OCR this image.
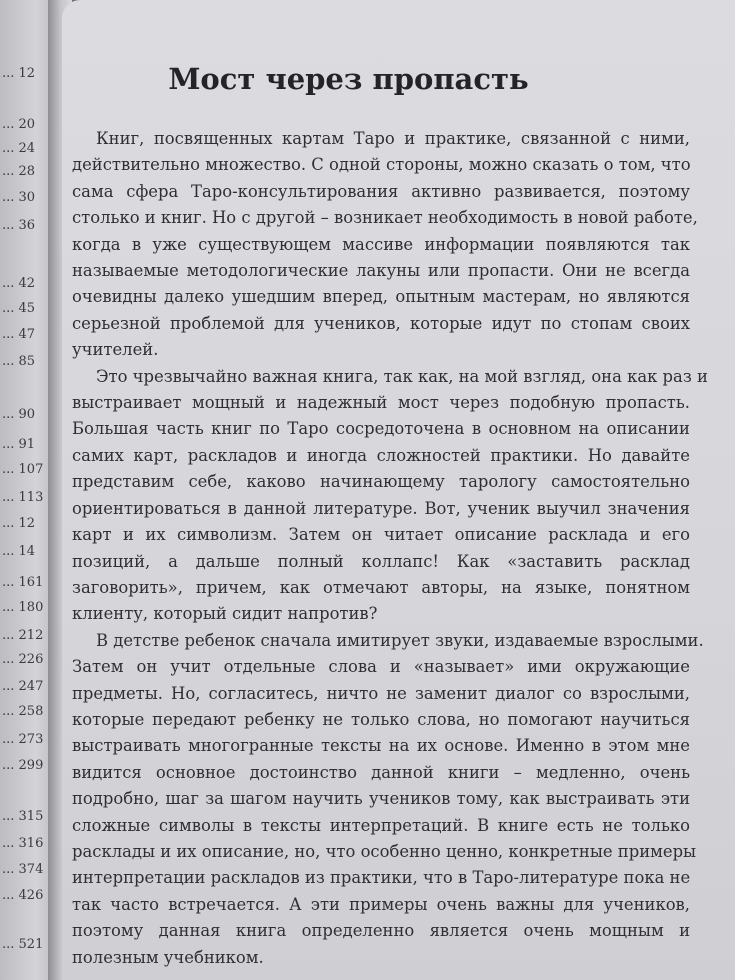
... 12
... 20
... 24
... 28
... 30
... 36
... 42
... 45
... 47
... 85
... 90
... 91
... 107
... 113
... 12
... 14
... 161
... 180
... 212
... 226
... 247
... 258
... 273
... 299
... 315
... 316
... 374
... 426
... 521
Мост через пропасть
Книг, посвященных картам Таро и практике, связанной с ними,
действительно множество. С одной стороны, можно сказать о том, что
сама сфера Таро-консультирования активно развивается, поэтому
столько и книг. Но с другой – возникает необходимость в новой работе,
когда в уже существующем массиве информации появляются так
называемые методологические лакуны или пропасти. Они не всегда
очевидны далеко ушедшим вперед, опытным мастерам, но являются
серьезной проблемой для учеников, которые идут по стопам своих
учителей.
Это чрезвычайно важная книга, так как, на мой взгляд, она как раз и
выстраивает мощный и надежный мост через подобную пропасть.
Большая часть книг по Таро сосредоточена в основном на описании
самих карт, раскладов и иногда сложностей практики. Но давайте
представим себе, каково начинающему тарологу самостоятельно
ориентироваться в данной литературе. Вот, ученик выучил значения
карт и их символизм. Затем он читает описание расклада и его
позиций, а дальше полный коллапс! Как «заставить расклад
заговорить», причем, как отмечают авторы, на языке, понятном
клиенту, который сидит напротив?
В детстве ребенок сначала имитирует звуки, издаваемые взрослыми.
Затем он учит отдельные слова и «называет» ими окружающие
предметы. Но, согласитесь, ничто не заменит диалог со взрослыми,
которые передают ребенку не только слова, но помогают научиться
выстраивать многогранные тексты на их основе. Именно в этом мне
видится основное достоинство данной книги – медленно, очень
подробно, шаг за шагом научить учеников тому, как выстраивать эти
сложные символы в тексты интерпретаций. В книге есть не только
расклады и их описание, но, что особенно ценно, конкретные примеры
интерпретации раскладов из практики, что в Таро-литературе пока не
так часто встречается. А эти примеры очень важны для учеников,
поэтому данная книга определенно является очень мощным и
полезным учебником.
